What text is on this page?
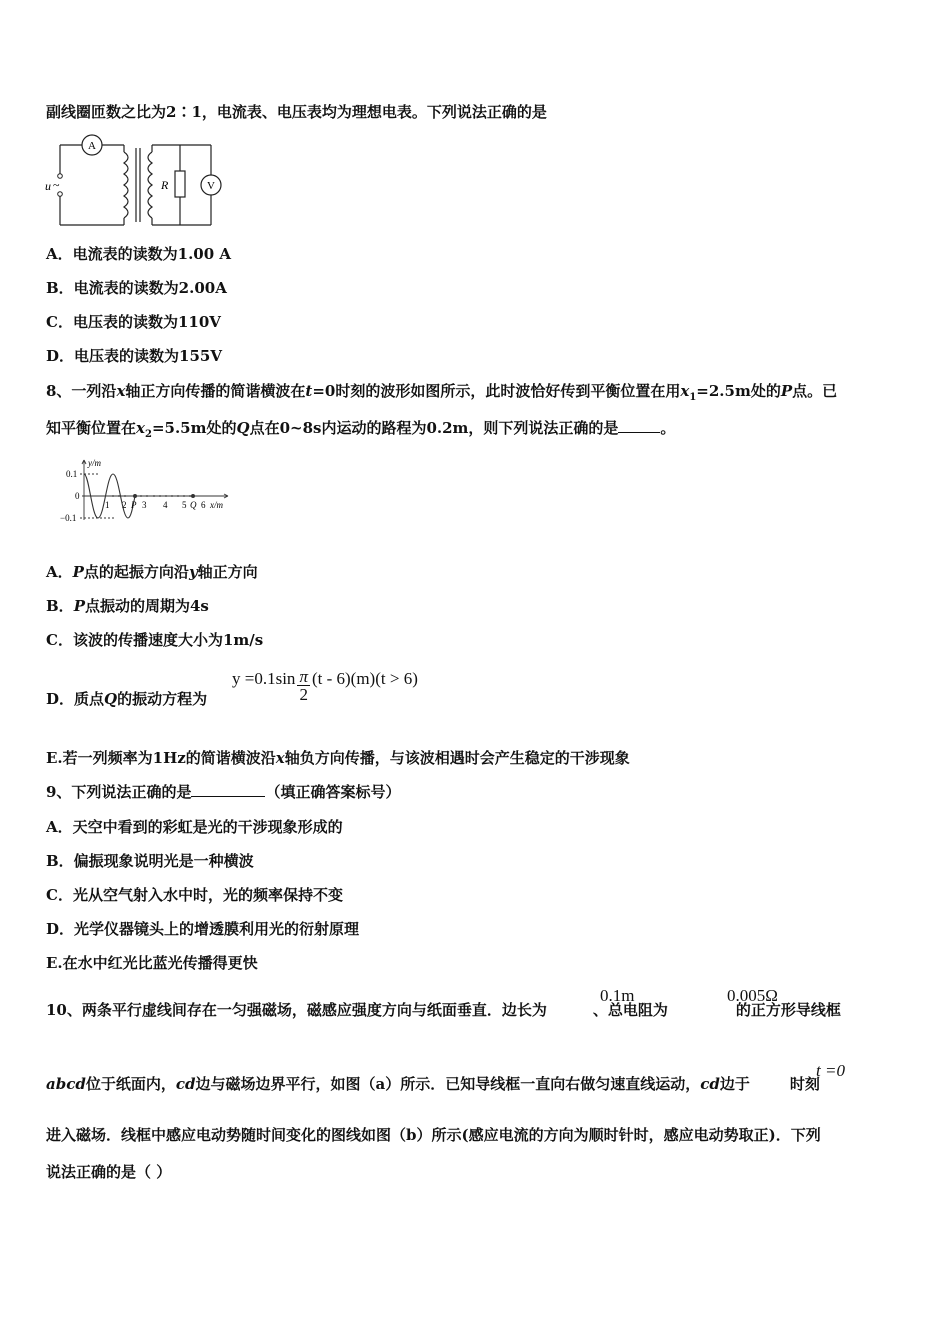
副线圈匝数之比为2∶1，电流表、电压表均为理想电表。下列说法正确的是
A
V
R
u ~
A．电流表的读数为1.00 A
B．电流表的读数为2.00A
C．电压表的读数为110V
D．电压表的读数为155V
8、一列沿x轴正方向传播的简谐横波在t=0时刻的波形如图所示，此时波恰好传到平衡位置在用$x_1=2.5m$处的P点。已
知平衡位置在$x_2=5.5m$处的Q点在0~8s内运动的路程为0.2m，则下列说法正确的是	。
y/m
x/m
0.1
0
−0.1
1 2 P 3 4 5 Q 6
A．P点的起振方向沿y轴正方向
B．P点振动的周期为4s
C．该波的传播速度大小为1m/s
D．质点Q的振动方程为
$y =0.1\sin \frac{\pi}{2} (t - 6)(m)(t > 6)$
E.若一列频率为1Hz的简谐横波沿x轴负方向传播，与该波相遇时会产生稳定的干涉现象
9、下列说法正确的是	（填正确答案标号）
A．天空中看到的彩虹是光的干涉现象形成的
B．偏振现象说明光是一种横波
C．光从空气射入水中时，光的频率保持不变
D．光学仪器镜头上的增透膜利用光的衍射原理
E.在水中红光比蓝光传播得更快
10、两条平行虚线间存在一匀强磁场，磁感应强度方向与纸面垂直．边长为	、总电阻为	的正方形导线框
0.1m	0.005Ω
abcd位于纸面内，cd边与磁场边界平行，如图（a）所示．已知导线框一直向右做匀速直线运动，cd边于	时刻
t =0
进入磁场．线框中感应电动势随时间变化的图线如图（b）所示(感应电流的方向为顺时针时，感应电动势取正)．下列
说法正确的是（ ）
